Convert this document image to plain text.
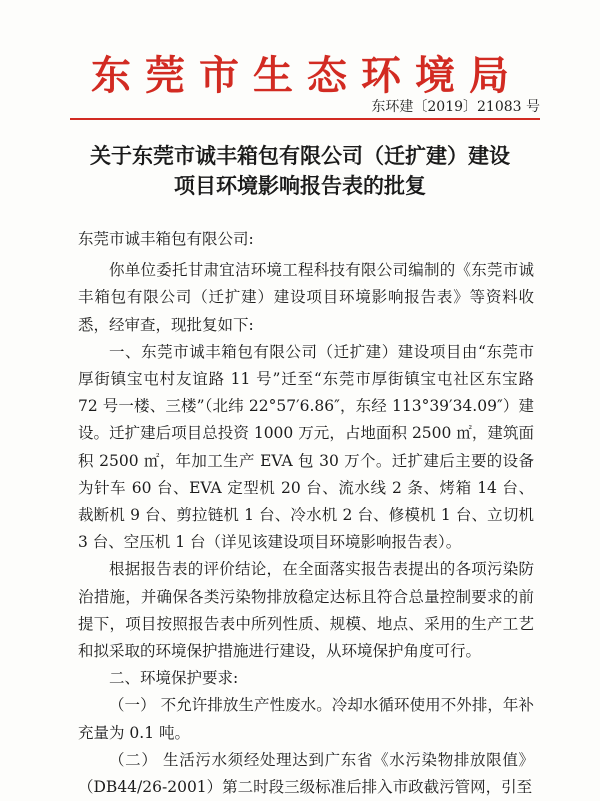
东莞市生态环境局
东环建〔2019〕21083 号
关于东莞市诚丰箱包有限公司（迁扩建）建设
项目环境影响报告表的批复

东莞市诚丰箱包有限公司:

你单位委托甘肃宜洁环境工程科技有限公司编制的《东莞市诚丰箱包有限公司（迁扩建）建设项目环境影响报告表》等资料收悉，经审查，现批复如下:

一、东莞市诚丰箱包有限公司（迁扩建）建设项目由“东莞市厚街镇宝屯村友谊路 11 号”迁至“东莞市厚街镇宝屯社区东宝路 72 号一楼、三楼”（北纬 22°57′6.86″，东经 113°39′34.09″）建设。迁扩建后项目总投资 1000 万元，占地面积 2500 ㎡，建筑面积 2500 ㎡，年加工生产 EVA 包 30 万个。迁扩建后主要的设备为针车 60 台、EVA 定型机 20 台、流水线 2 条、烤箱 14 台、裁断机 9 台、剪拉链机 1 台、冷水机 2 台、修模机 1 台、立切机 3 台、空压机 1 台（详见该建设项目环境影响报告表）。

根据报告表的评价结论，在全面落实报告表提出的各项污染防治措施，并确保各类污染物排放稳定达标且符合总量控制要求的前提下，项目按照报告表中所列性质、规模、地点、采用的生产工艺和拟采取的环境保护措施进行建设，从环境保护角度可行。

二、环境保护要求:

（一） 不允许排放生产性废水。冷却水循环使用不外排，年补充量为 0.1 吨。

（二） 生活污水须经处理达到广东省《水污染物排放限值》（DB44/26-2001）第二时段三级标准后排入市政截污管网，引至
